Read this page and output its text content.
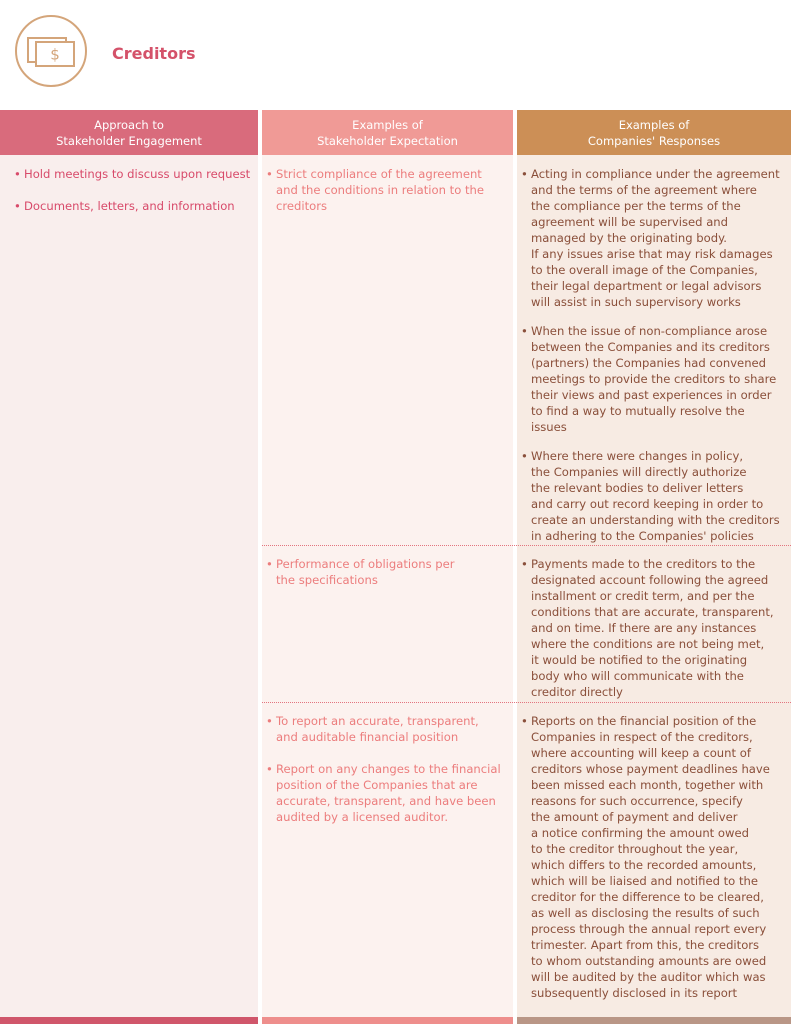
$	Creditors
Approach to
Stakeholder Engagement
Examples of
Stakeholder Expectation
Examples of
Companies' Responses
• Hold meetings to discuss upon request
• Documents, letters, and information
• Strict compliance of the agreement
and the conditions in relation to the
creditors
• Acting in compliance under the agreement
and the terms of the agreement where
the compliance per the terms of the
agreement will be supervised and
managed by the originating body.
If any issues arise that may risk damages
to the overall image of the Companies,
their legal department or legal advisors
will assist in such supervisory works
• When the issue of non-compliance arose
between the Companies and its creditors
(partners) the Companies had convened
meetings to provide the creditors to share
their views and past experiences in order
to find a way to mutually resolve the
issues
• Where there were changes in policy,
the Companies will directly authorize
the relevant bodies to deliver letters
and carry out record keeping in order to
create an understanding with the creditors
in adhering to the Companies' policies
• Performance of obligations per
the specifications
• Payments made to the creditors to the
designated account following the agreed
installment or credit term, and per the
conditions that are accurate, transparent,
and on time. If there are any instances
where the conditions are not being met,
it would be notified to the originating
body who will communicate with the
creditor directly
• To report an accurate, transparent,
and auditable financial position
• Report on any changes to the financial
position of the Companies that are
accurate, transparent, and have been
audited by a licensed auditor.
• Reports on the financial position of the
Companies in respect of the creditors,
where accounting will keep a count of
creditors whose payment deadlines have
been missed each month, together with
reasons for such occurrence, specify
the amount of payment and deliver
a notice confirming the amount owed
to the creditor throughout the year,
which differs to the recorded amounts,
which will be liaised and notified to the
creditor for the difference to be cleared,
as well as disclosing the results of such
process through the annual report every
trimester. Apart from this, the creditors
to whom outstanding amounts are owed
will be audited by the auditor which was
subsequently disclosed in its report
